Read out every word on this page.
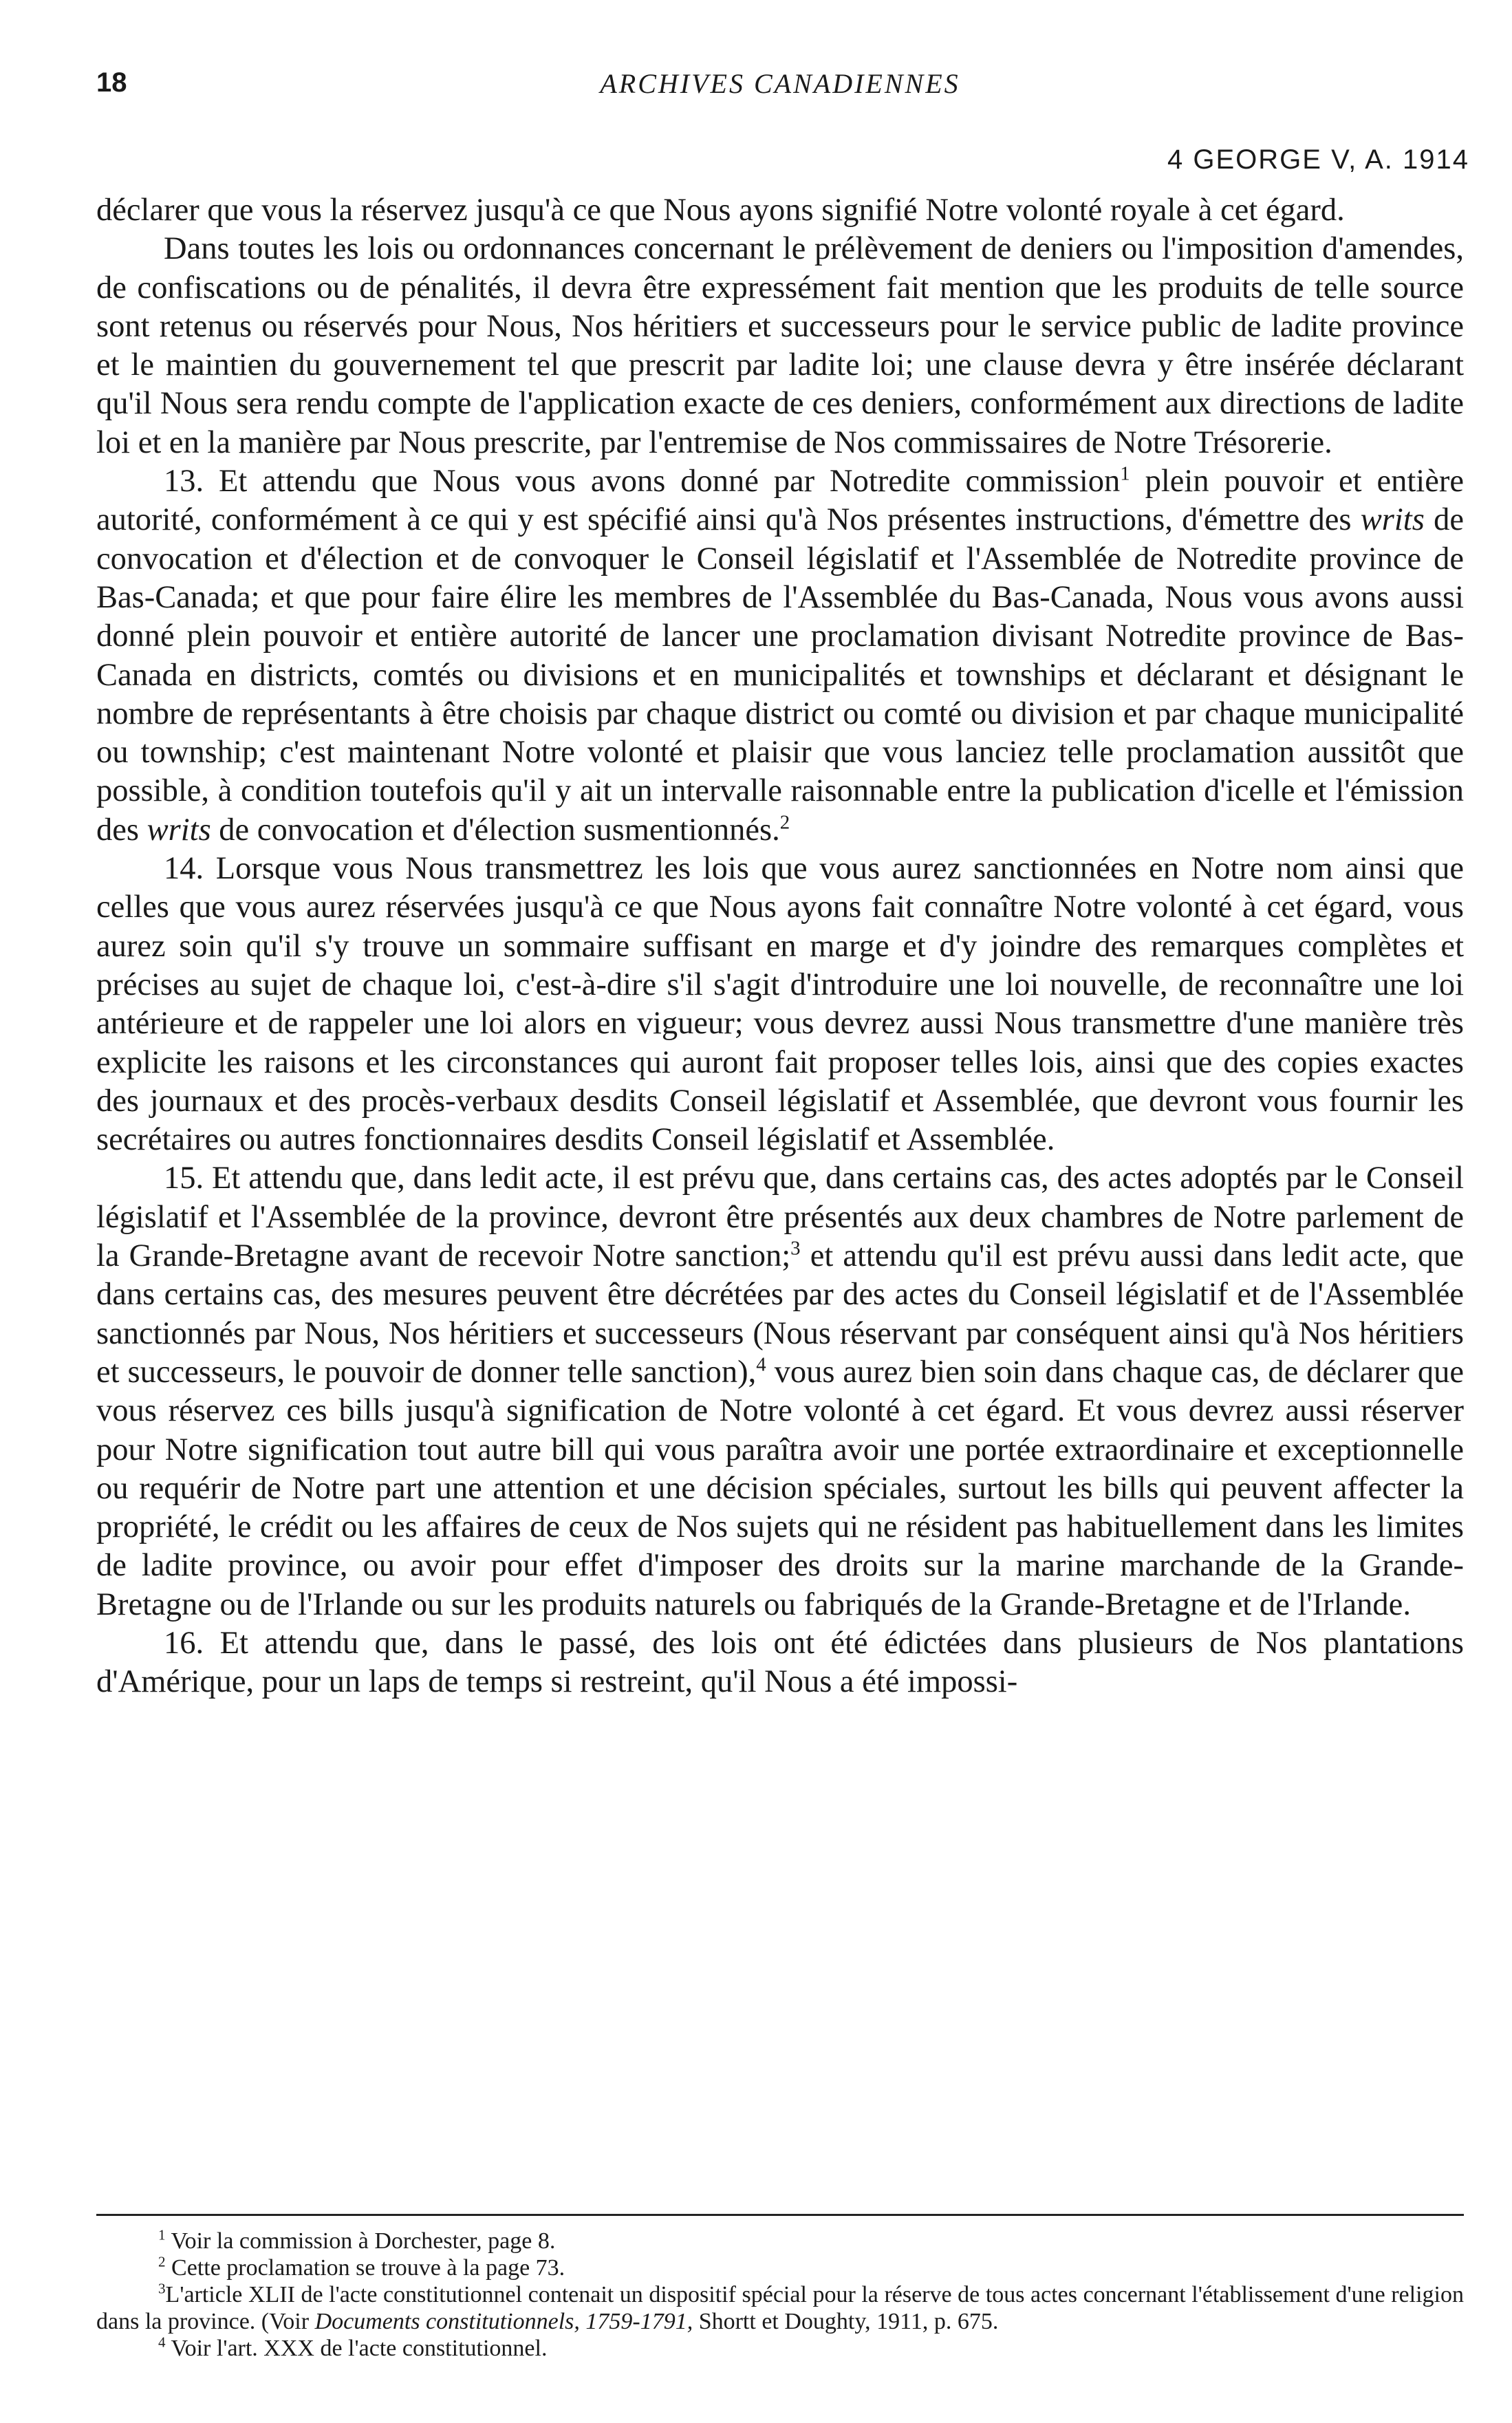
18	ARCHIVES CANADIENNES
4 GEORGE V, A. 1914

déclarer que vous la réservez jusqu'à ce que Nous ayons signifié Notre volonté royale à cet égard.

Dans toutes les lois ou ordonnances concernant le prélèvement de deniers ou l'imposition d'amendes, de confiscations ou de pénalités, il devra être expressément fait mention que les produits de telle source sont retenus ou réservés pour Nous, Nos héritiers et successeurs pour le service public de ladite province et le maintien du gouvernement tel que prescrit par ladite loi; une clause devra y être insérée déclarant qu'il Nous sera rendu compte de l'application exacte de ces deniers, conformément aux directions de ladite loi et en la manière par Nous prescrite, par l'entremise de Nos commissaires de Notre Trésorerie.

13. Et attendu que Nous vous avons donné par Notredite commission$^1$ plein pouvoir et entière autorité, conformément à ce qui y est spécifié ainsi qu'à Nos présentes instructions, d'émettre des writs de convocation et d'élection et de convoquer le Conseil législatif et l'Assemblée de Notredite province de Bas-Canada; et que pour faire élire les membres de l'Assemblée du Bas-Canada, Nous vous avons aussi donné plein pouvoir et entière autorité de lancer une proclamation divisant Notredite province de Bas-Canada en districts, comtés ou divisions et en municipalités et townships et déclarant et désignant le nombre de représentants à être choisis par chaque district ou comté ou division et par chaque municipalité ou township; c'est maintenant Notre volonté et plaisir que vous lanciez telle proclamation aussitôt que possible, à condition toutefois qu'il y ait un intervalle raisonnable entre la publication d'icelle et l'émission des writs de convocation et d'élection susmentionnés.$^2$

14. Lorsque vous Nous transmettrez les lois que vous aurez sanctionnées en Notre nom ainsi que celles que vous aurez réservées jusqu'à ce que Nous ayons fait connaître Notre volonté à cet égard, vous aurez soin qu'il s'y trouve un sommaire suffisant en marge et d'y joindre des remarques complètes et précises au sujet de chaque loi, c'est-à-dire s'il s'agit d'introduire une loi nouvelle, de reconnaître une loi antérieure et de rappeler une loi alors en vigueur; vous devrez aussi Nous transmettre d'une manière très explicite les raisons et les circonstances qui auront fait proposer telles lois, ainsi que des copies exactes des journaux et des procès-verbaux desdits Conseil législatif et Assemblée, que devront vous fournir les secrétaires ou autres fonctionnaires desdits Conseil législatif et Assemblée.

15. Et attendu que, dans ledit acte, il est prévu que, dans certains cas, des actes adoptés par le Conseil législatif et l'Assemblée de la province, devront être présentés aux deux chambres de Notre parlement de la Grande-Bretagne avant de recevoir Notre sanction;$^3$ et attendu qu'il est prévu aussi dans ledit acte, que dans certains cas, des mesures peuvent être décrétées par des actes du Conseil législatif et de l'Assemblée sanctionnés par Nous, Nos héritiers et successeurs (Nous réservant par conséquent ainsi qu'à Nos héritiers et successeurs, le pouvoir de donner telle sanction),$^4$ vous aurez bien soin dans chaque cas, de déclarer que vous réservez ces bills jusqu'à signification de Notre volonté à cet égard. Et vous devrez aussi réserver pour Notre signification tout autre bill qui vous paraîtra avoir une portée extraordinaire et exceptionnelle ou requérir de Notre part une attention et une décision spéciales, surtout les bills qui peuvent affecter la propriété, le crédit ou les affaires de ceux de Nos sujets qui ne résident pas habituellement dans les limites de ladite province, ou avoir pour effet d'imposer des droits sur la marine marchande de la Grande-Bretagne ou de l'Irlande ou sur les produits naturels ou fabriqués de la Grande-Bretagne et de l'Irlande.

16. Et attendu que, dans le passé, des lois ont été édictées dans plusieurs de Nos plantations d'Amérique, pour un laps de temps si restreint, qu'il Nous a été impossi-

$^1$ Voir la commission à Dorchester, page 8.

$^2$ Cette proclamation se trouve à la page 73.

$^3$L'article XLII de l'acte constitutionnel contenait un dispositif spécial pour la réserve de tous actes concernant l'établissement d'une religion dans la province. (Voir Documents constitutionnels, 1759-1791, Shortt et Doughty, 1911, p. 675.

$^4$ Voir l'art. XXX de l'acte constitutionnel.
